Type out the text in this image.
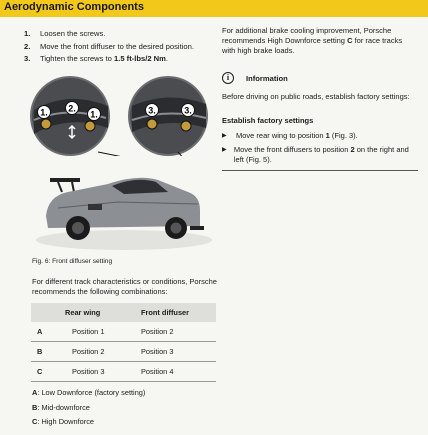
Aerodynamic Components
1.	Loosen the screws.
2.	Move the front diffuser to the desired position.
3.	Tighten the screws to 1.5 ft-lbs/2 Nm.
1. 2.
1.	3.	3.
Fig. 6: Front diffuser setting
For different track characteristics or conditions, Porsche recommends the following combinations:
	Rear wing	Front diffuser
A	Position 1	Position 2
B	Position 2	Position 3
C	Position 3	Position 4
A: Low Downforce (factory setting)
B: Mid-downforce
C: High Downforce
For additional brake cooling improvement, Porsche recommends High Downforce setting C for race tracks with high brake loads.
i	Information
Before driving on public roads, establish factory settings:
Establish factory settings
▶	Move rear wing to position 1 (Fig. 3).
▶ Move the front diffusers to position 2 on the right and left (Fig. 5).
